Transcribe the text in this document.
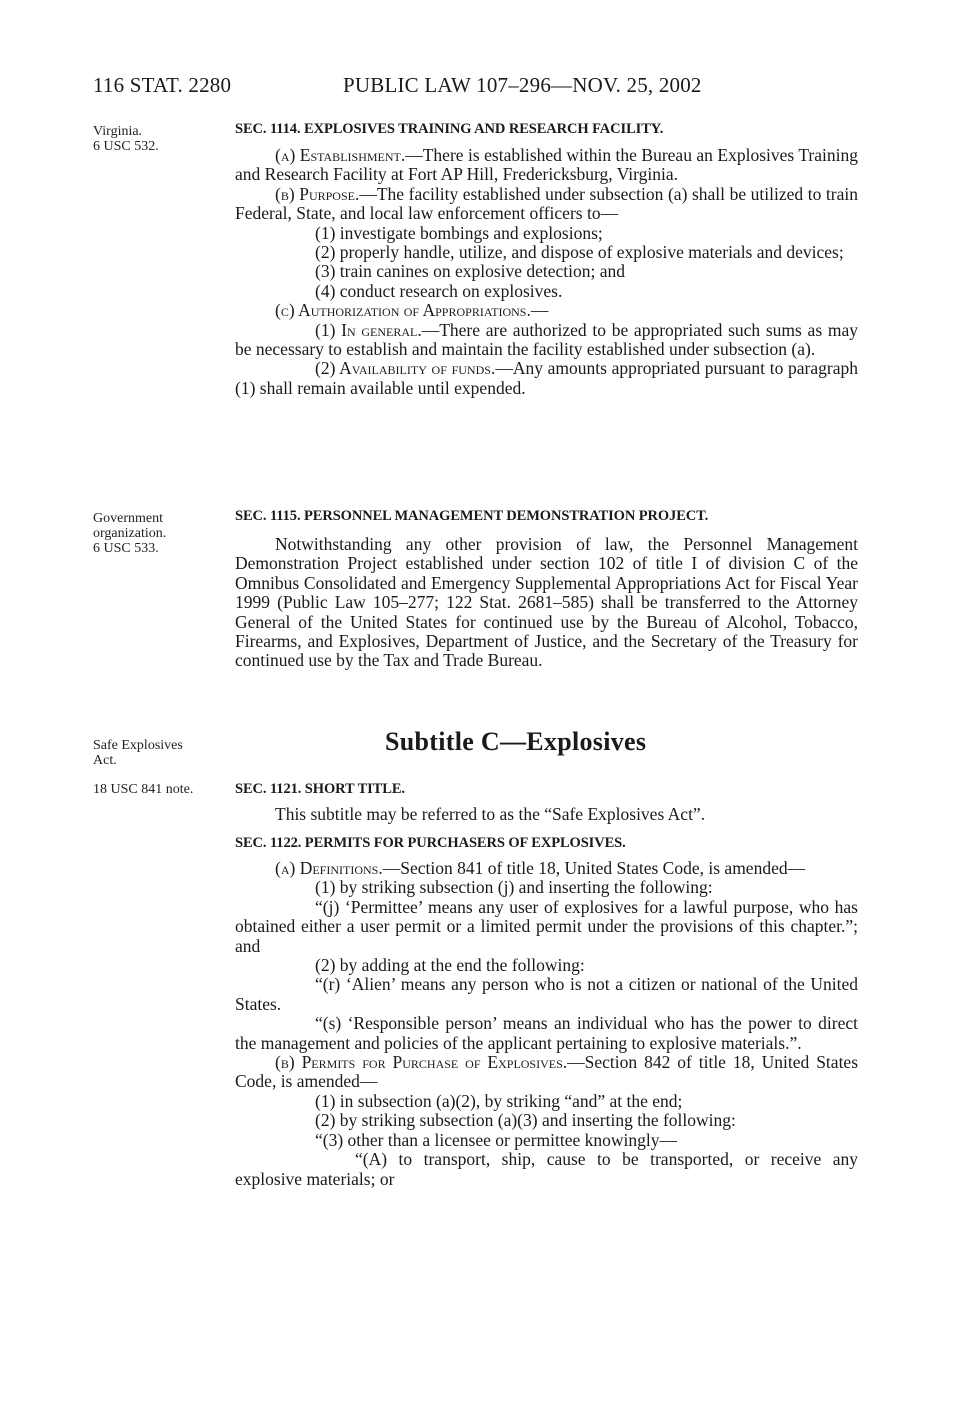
116 STAT. 2280	PUBLIC LAW 107–296—NOV. 25, 2002
Virginia.
6 USC 532.
Government
organization.
6 USC 533.
Safe Explosives
Act.
18 USC 841 note.
SEC. 1114. EXPLOSIVES TRAINING AND RESEARCH FACILITY.
(a) Establishment.—There is established within the Bureau an Explosives Training and Research Facility at Fort AP Hill, Fredericksburg, Virginia.
(b) Purpose.—The facility established under subsection (a) shall be utilized to train Federal, State, and local law enforcement officers to—
(1) investigate bombings and explosions;
(2) properly handle, utilize, and dispose of explosive materials and devices;
(3) train canines on explosive detection; and
(4) conduct research on explosives.
(c) Authorization of Appropriations.—
(1) In general.—There are authorized to be appropriated such sums as may be necessary to establish and maintain the facility established under subsection (a).
(2) Availability of funds.—Any amounts appropriated pursuant to paragraph (1) shall remain available until expended.
SEC. 1115. PERSONNEL MANAGEMENT DEMONSTRATION PROJECT.
Notwithstanding any other provision of law, the Personnel Management Demonstration Project established under section 102 of title I of division C of the Omnibus Consolidated and Emergency Supplemental Appropriations Act for Fiscal Year 1999 (Public Law 105–277; 122 Stat. 2681–585) shall be transferred to the Attorney General of the United States for continued use by the Bureau of Alcohol, Tobacco, Firearms, and Explosives, Department of Justice, and the Secretary of the Treasury for continued use by the Tax and Trade Bureau.
Subtitle C—Explosives
SEC. 1121. SHORT TITLE.
This subtitle may be referred to as the “Safe Explosives Act”.
SEC. 1122. PERMITS FOR PURCHASERS OF EXPLOSIVES.
(a) Definitions.—Section 841 of title 18, United States Code, is amended—
(1) by striking subsection (j) and inserting the following:
“(j) ‘Permittee’ means any user of explosives for a lawful purpose, who has obtained either a user permit or a limited permit under the provisions of this chapter.”; and
(2) by adding at the end the following:
“(r) ‘Alien’ means any person who is not a citizen or national of the United States.
“(s) ‘Responsible person’ means an individual who has the power to direct the management and policies of the applicant pertaining to explosive materials.”.
(b) Permits for Purchase of Explosives.—Section 842 of title 18, United States Code, is amended—
(1) in subsection (a)(2), by striking “and” at the end;
(2) by striking subsection (a)(3) and inserting the following:
“(3) other than a licensee or permittee knowingly—
“(A) to transport, ship, cause to be transported, or receive any explosive materials; or
